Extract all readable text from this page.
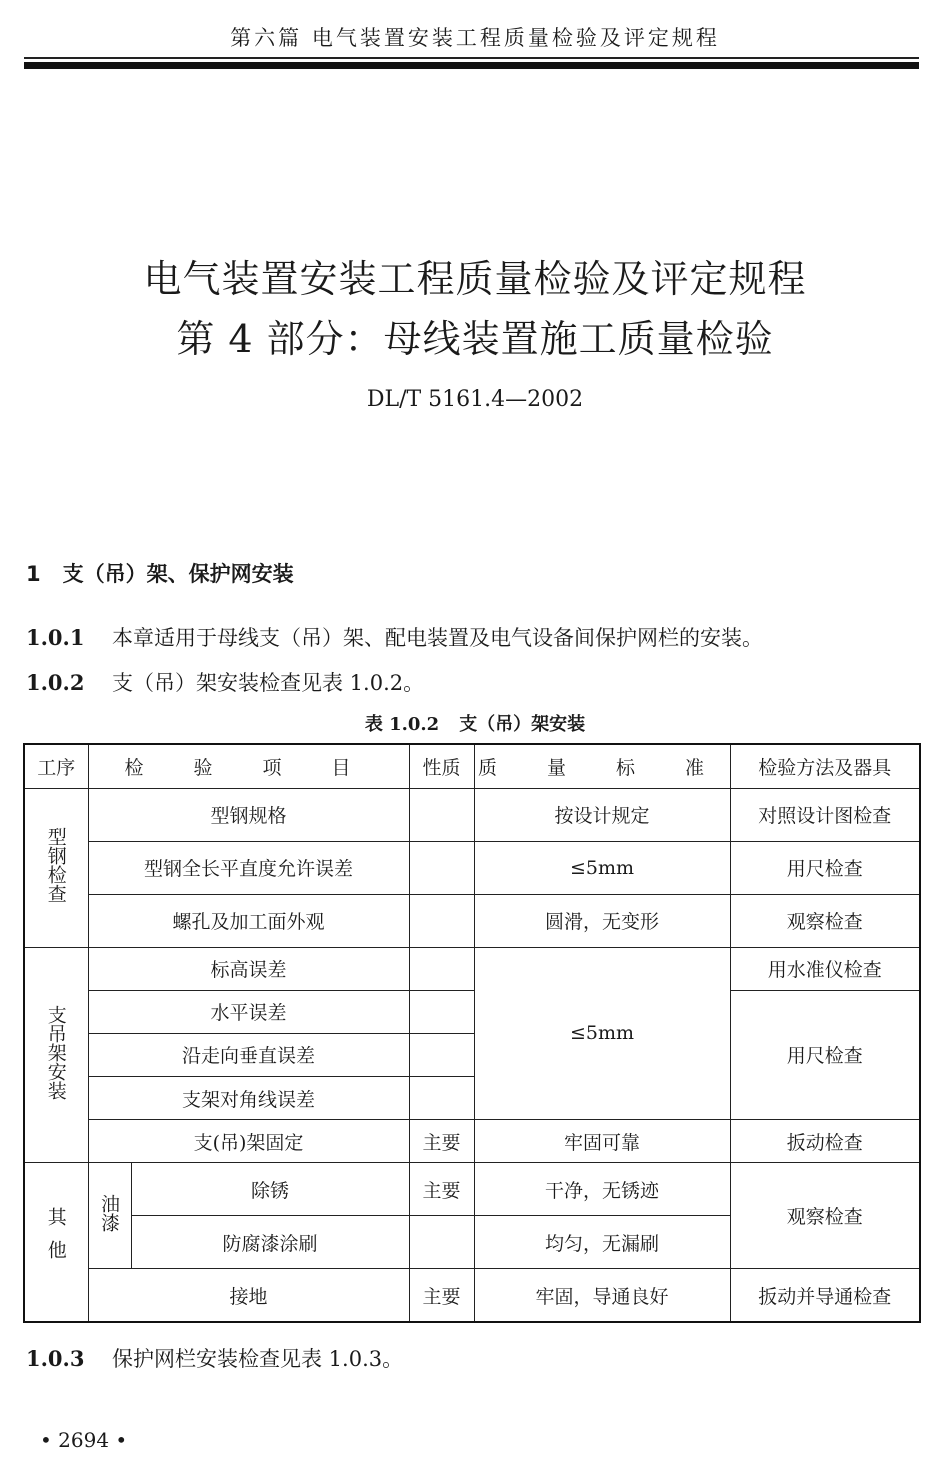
第六篇 电气装置安装工程质量检验及评定规程
电气装置安装工程质量检验及评定规程
第 4 部分：母线装置施工质量检验
DL/T 5161.4—2002
1 支（吊）架、保护网安装
1.0.1 本章适用于母线支（吊）架、配电装置及电气设备间保护网栏的安装。
1.0.2 支（吊）架安装检查见表 1.0.2。
表 1.0.2 支（吊）架安装
工序	检 验 项 目		性质	质 量 标 准	检验方法及器具
型钢检查	型钢规格			按设计规定	对照设计图检查
	型钢全长平直度允许误差			≤5mm	用尺检查
	螺孔及加工面外观			圆滑，无变形	观察检查
支吊架安装	标高误差			≤5mm	用水准仪检查
	水平误差				用尺检查
	沿走向垂直误差				
	支架对角线误差				
	支(吊)架固定		主要	牢固可靠	扳动检查
其他	油漆	除锈	主要	干净，无锈迹	观察检查
		防腐漆涂刷		均匀，无漏刷	
	接地		主要	牢固，导通良好	扳动并导通检查
1.0.3 保护网栏安装检查见表 1.0.3。
• 2694 •
